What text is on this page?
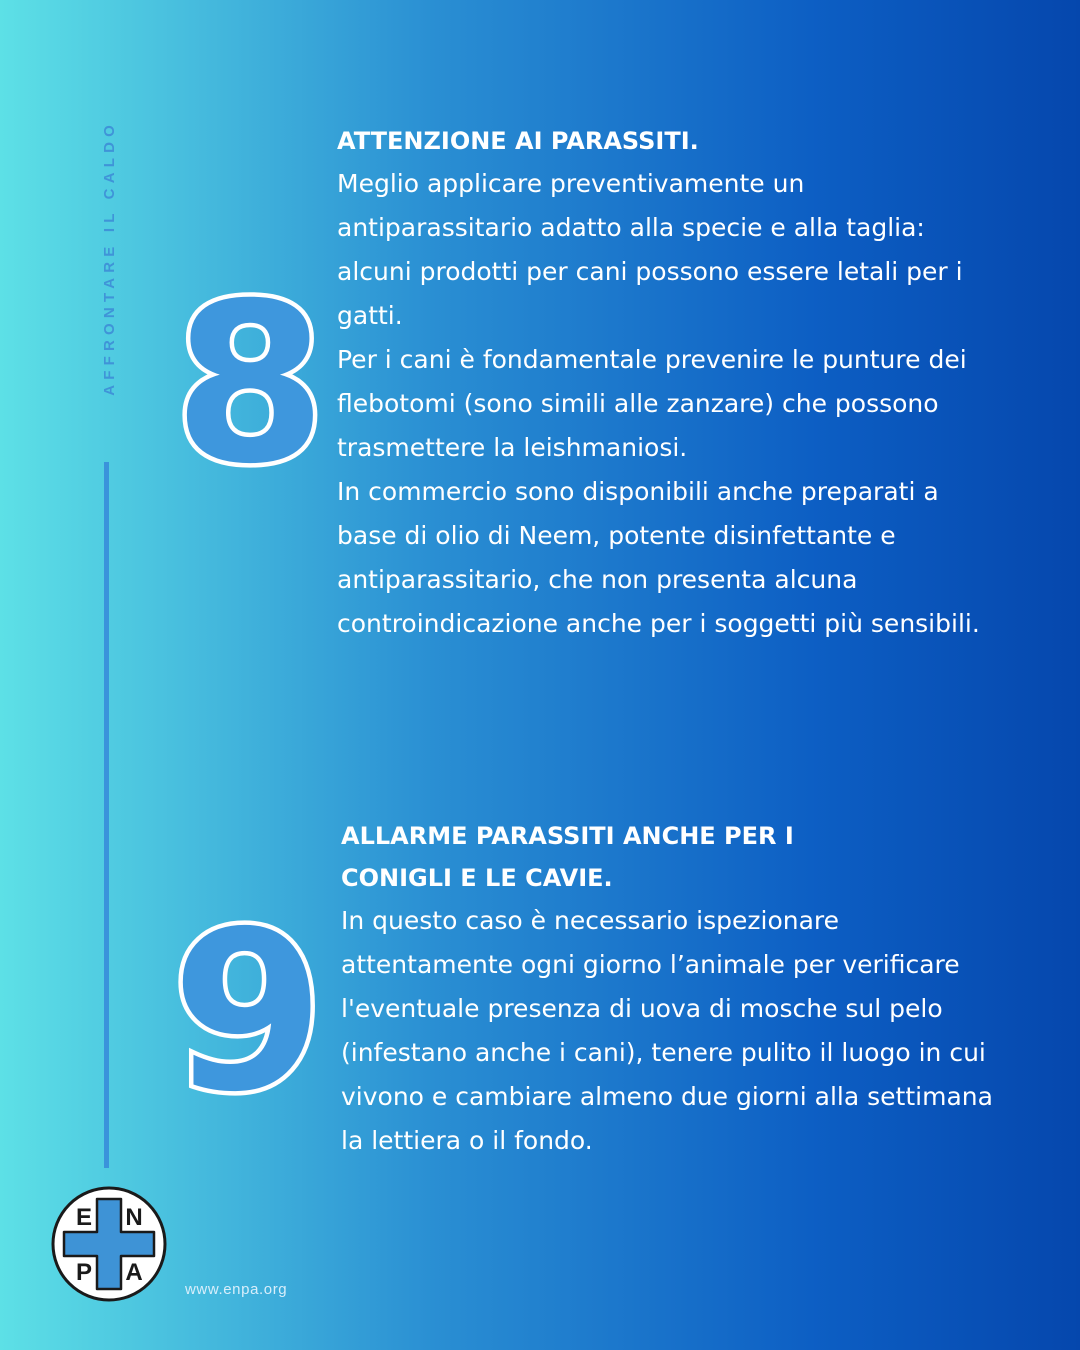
AFFRONTARE IL CALDO 8
ATTENZIONE AI PARASSITI.

Meglio applicare preventivamente un antiparassitario adatto alla specie e alla taglia: alcuni prodotti per cani possono essere letali per i gatti.

Per i cani è fondamentale prevenire le punture dei flebotomi (sono simili alle zanzare) che possono trasmettere la leishmaniosi.

In commercio sono disponibili anche preparati a base di olio di Neem, potente disinfettante e antiparassitario, che non presenta alcuna controindicazione anche per i soggetti più sensibili.

9
ALLARME PARASSITI ANCHE PER I CONIGLI E LE CAVIE.

In questo caso è necessario ispezionare attentamente ogni giorno l’animale per verificare l'eventuale presenza di uova di mosche sul pelo (infestano anche i cani), tenere pulito il luogo in cui vivono e cambiare almeno due giorni alla settimana la lettiera o il fondo.

E N
P A
www.enpa.org
